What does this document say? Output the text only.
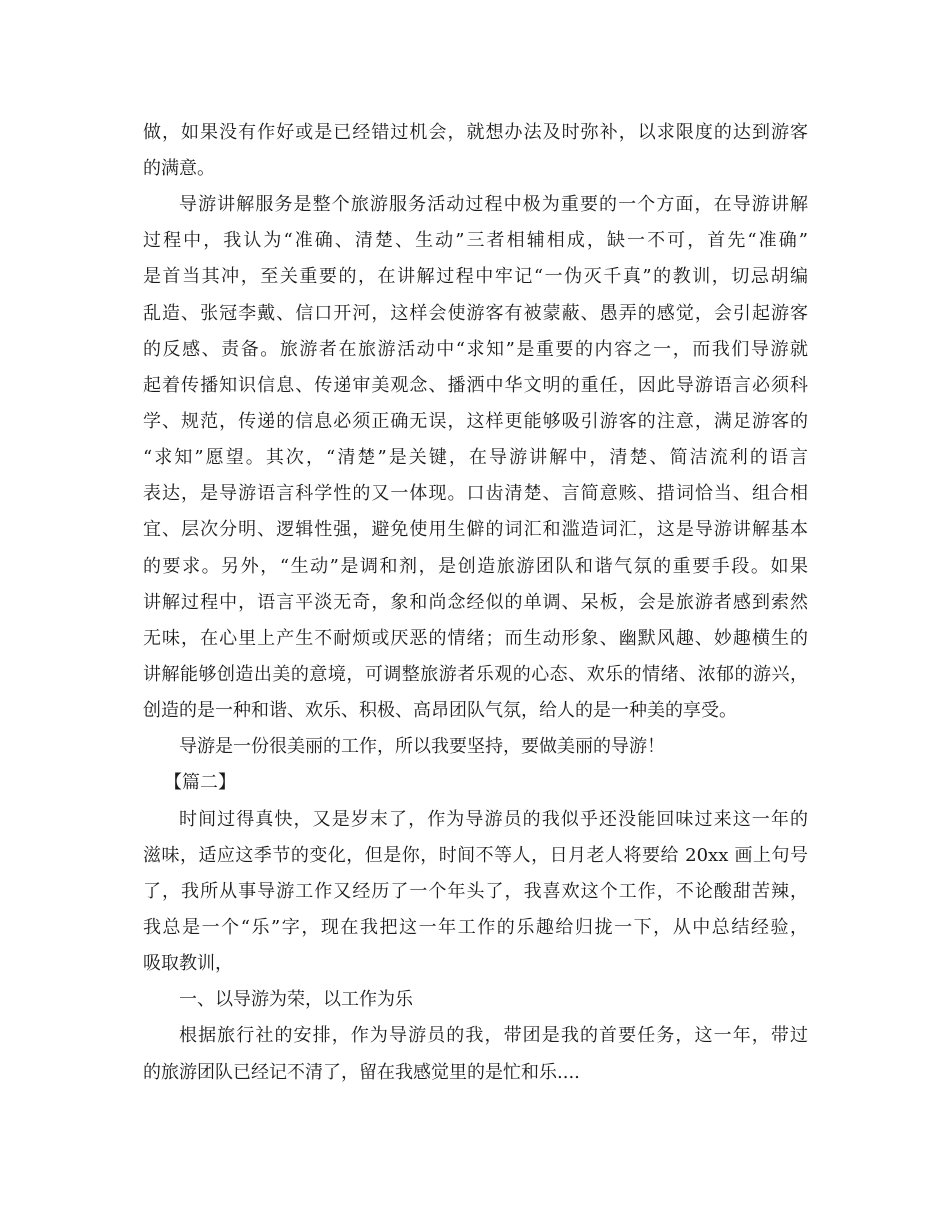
做，如果没有作好或是已经错过机会，就想办法及时弥补，以求限度的达到游客

的满意。

导游讲解服务是整个旅游服务活动过程中极为重要的一个方面，在导游讲解

过程中，我认为“准确、清楚、生动”三者相辅相成，缺一不可，首先“准确”

是首当其冲，至关重要的，在讲解过程中牢记“一伪灭千真”的教训，切忌胡编

乱造、张冠李戴、信口开河，这样会使游客有被蒙蔽、愚弄的感觉，会引起游客

的反感、责备。旅游者在旅游活动中“求知”是重要的内容之一，而我们导游就

起着传播知识信息、传递审美观念、播洒中华文明的重任，因此导游语言必须科

学、规范，传递的信息必须正确无误，这样更能够吸引游客的注意，满足游客的

“求知”愿望。其次，“清楚”是关键，在导游讲解中，清楚、简洁流利的语言

表达，是导游语言科学性的又一体现。口齿清楚、言简意赅、措词恰当、组合相

宜、层次分明、逻辑性强，避免使用生僻的词汇和滥造词汇，这是导游讲解基本

的要求。另外，“生动”是调和剂，是创造旅游团队和谐气氛的重要手段。如果

讲解过程中，语言平淡无奇，象和尚念经似的单调、呆板，会是旅游者感到索然

无味，在心里上产生不耐烦或厌恶的情绪；而生动形象、幽默风趣、妙趣横生的

讲解能够创造出美的意境，可调整旅游者乐观的心态、欢乐的情绪、浓郁的游兴，

创造的是一种和谐、欢乐、积极、高昂团队气氛，给人的是一种美的享受。

导游是一份很美丽的工作，所以我要坚持，要做美丽的导游！

【篇二】

时间过得真快，又是岁末了，作为导游员的我似乎还没能回味过来这一年的

滋味，适应这季节的变化，但是你，时间不等人，日月老人将要给 20xx 画上句号

了，我所从事导游工作又经历了一个年头了，我喜欢这个工作，不论酸甜苦辣，

我总是一个“乐”字，现在我把这一年工作的乐趣给归拢一下，从中总结经验，

吸取教训，

一、以导游为荣，以工作为乐

根据旅行社的安排，作为导游员的我，带团是我的首要任务，这一年，带过

的旅游团队已经记不清了，留在我感觉里的是忙和乐....
